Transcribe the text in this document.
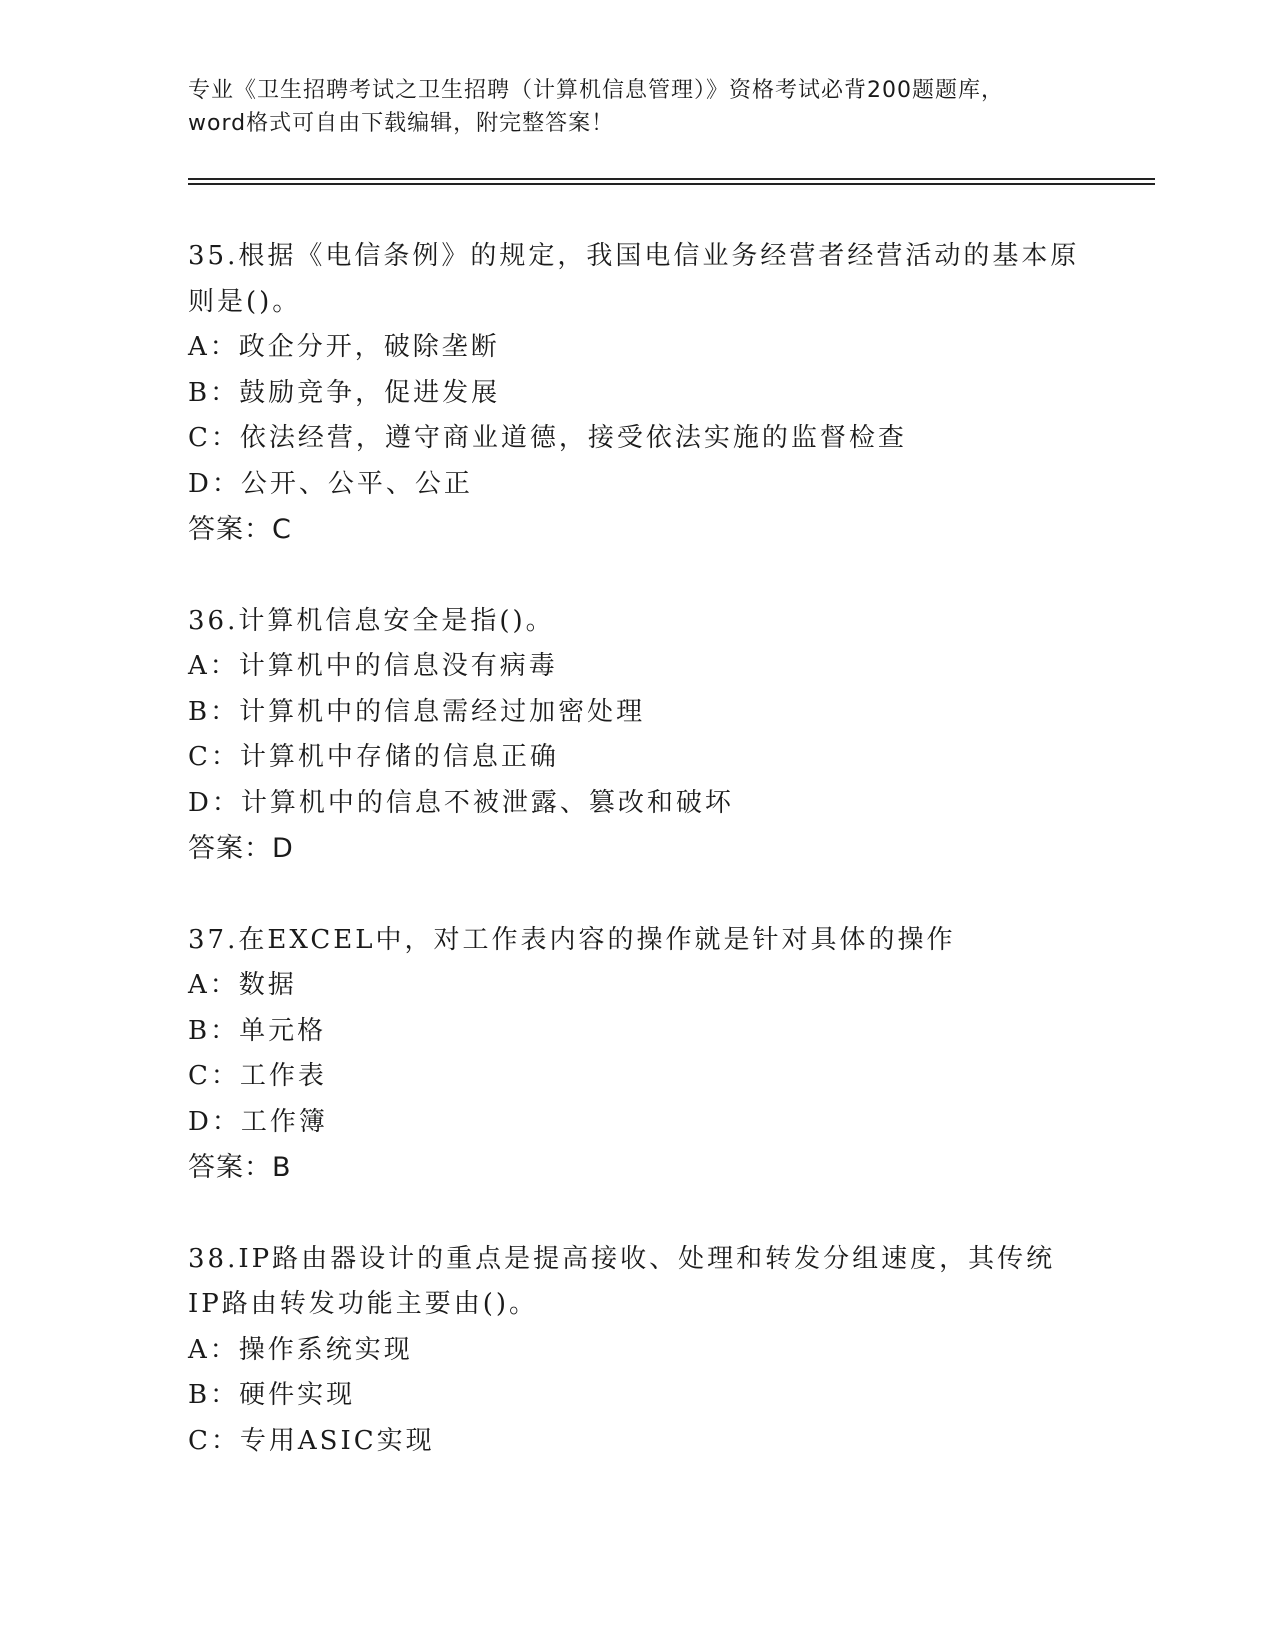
专业《卫生招聘考试之卫生招聘（计算机信息管理）》资格考试必背200题题库，
word格式可自由下载编辑，附完整答案！
35.根据《电信条例》的规定，我国电信业务经营者经营活动的基本原
则是()。
A：政企分开，破除垄断
B：鼓励竞争，促进发展
C：依法经营，遵守商业道德，接受依法实施的监督检查
D：公开、公平、公正
答案：C
36.计算机信息安全是指()。
A：计算机中的信息没有病毒
B：计算机中的信息需经过加密处理
C：计算机中存储的信息正确
D：计算机中的信息不被泄露、篡改和破坏
答案：D
37.在EXCEL中，对工作表内容的操作就是针对具体的操作
A：数据
B：单元格
C：工作表
D：工作簿
答案：B
38.IP路由器设计的重点是提高接收、处理和转发分组速度，其传统
IP路由转发功能主要由()。
A：操作系统实现
B：硬件实现
C：专用ASIC实现
